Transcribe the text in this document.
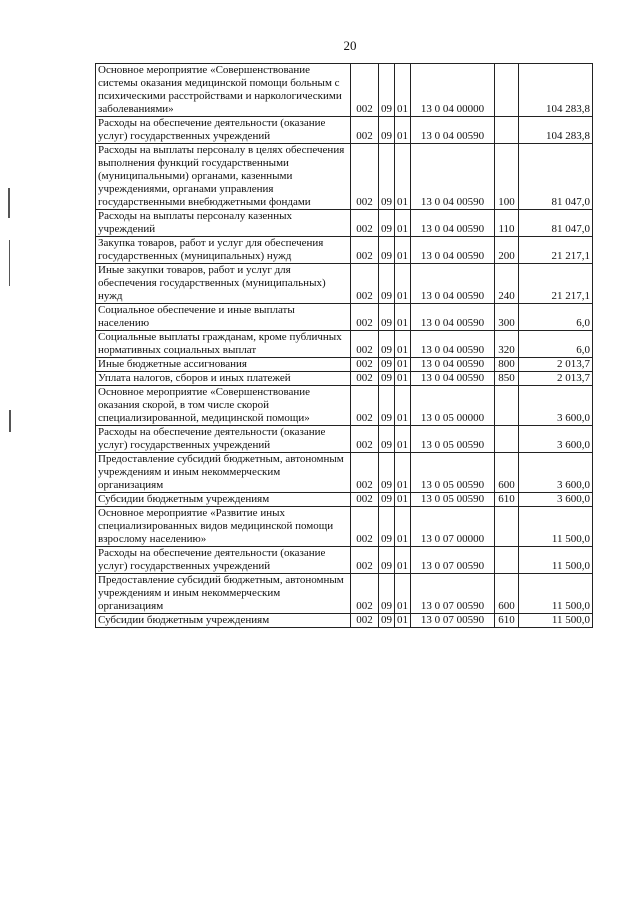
20
Основное мероприятие «Совершенствование системы оказания медицинской помощи больным с психическими расстройствами и наркологическими заболеваниями»	002	09	01	13 0 04 00000		104 283,8
Расходы на обеспечение деятельности (оказание услуг) государственных учреждений	002	09	01	13 0 04 00590		104 283,8
Расходы на выплаты персоналу в целях обеспечения выполнения функций государственными (муниципальными) органами, казенными учреждениями, органами управления государственными внебюджетными фондами	002	09	01	13 0 04 00590	100	81 047,0
Расходы на выплаты персоналу казенных учреждений	002	09	01	13 0 04 00590	110	81 047,0
Закупка товаров, работ и услуг для обеспечения государственных (муниципальных) нужд	002	09	01	13 0 04 00590	200	21 217,1
Иные закупки товаров, работ и услуг для обеспечения государственных (муниципальных) нужд	002	09	01	13 0 04 00590	240	21 217,1
Социальное обеспечение и иные выплаты населению	002	09	01	13 0 04 00590	300	6,0
Социальные выплаты гражданам, кроме публичных нормативных социальных выплат	002	09	01	13 0 04 00590	320	6,0
Иные бюджетные ассигнования	002	09	01	13 0 04 00590	800	2 013,7
Уплата налогов, сборов и иных платежей	002	09	01	13 0 04 00590	850	2 013,7
Основное мероприятие «Совершенствование оказания скорой, в том числе скорой специализированной, медицинской помощи»	002	09	01	13 0 05 00000		3 600,0
Расходы на обеспечение деятельности (оказание услуг) государственных учреждений	002	09	01	13 0 05 00590		3 600,0
Предоставление субсидий бюджетным, автономным учреждениям и иным некоммерческим организациям	002	09	01	13 0 05 00590	600	3 600,0
Субсидии бюджетным учреждениям	002	09	01	13 0 05 00590	610	3 600,0
Основное мероприятие «Развитие иных специализированных видов медицинской помощи взрослому населению»	002	09	01	13 0 07 00000		11 500,0
Расходы на обеспечение деятельности (оказание услуг) государственных учреждений	002	09	01	13 0 07 00590		11 500,0
Предоставление субсидий бюджетным, автономным учреждениям и иным некоммерческим организациям	002	09	01	13 0 07 00590	600	11 500,0
Субсидии бюджетным учреждениям	002	09	01	13 0 07 00590	610	11 500,0
